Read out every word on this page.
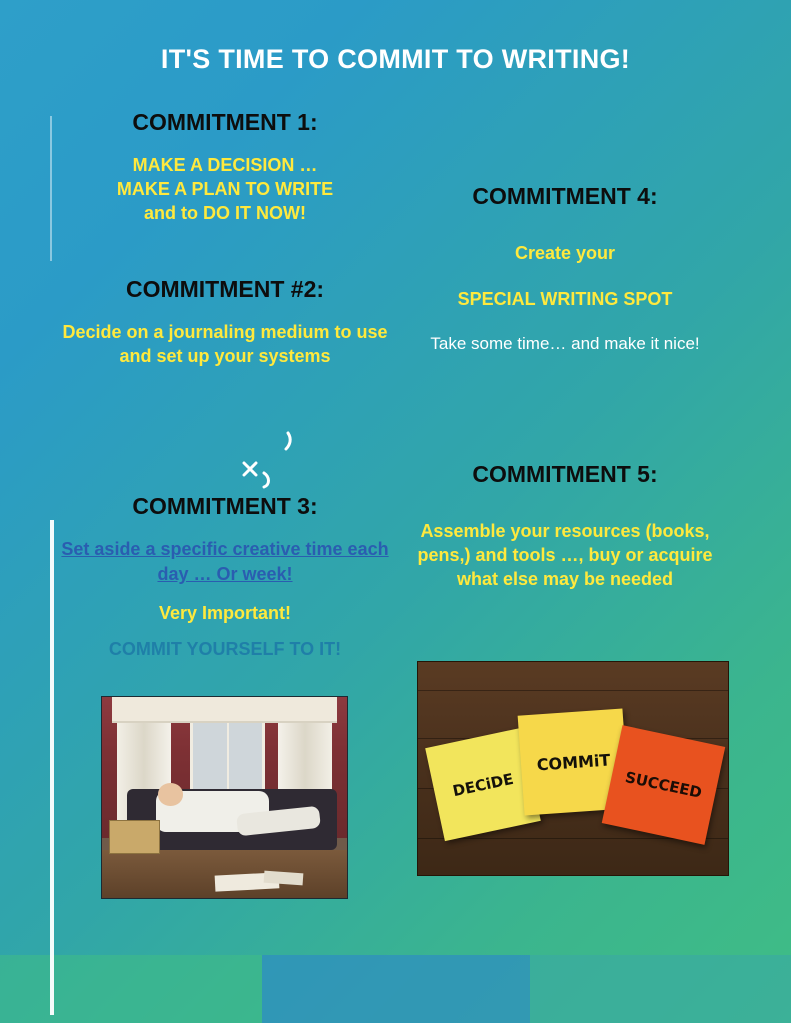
IT'S TIME TO COMMIT TO WRITING!

COMMITMENT 1:

MAKE A DECISION …

MAKE A PLAN TO WRITE

and to DO IT NOW!

COMMITMENT #2:

Decide on a journaling medium to use and set up your systems

COMMITMENT 3:

Set aside a specific creative time each day … Or week!

Very Important!

COMMIT YOURSELF TO IT!

COMMITMENT 4:

Create your

SPECIAL WRITING SPOT

Take some time… and make it nice!

COMMITMENT 5:

Assemble your resources (books, pens,) and tools …, buy or acquire what else may be needed

DECiDE
COMMiT
SUCCEED
